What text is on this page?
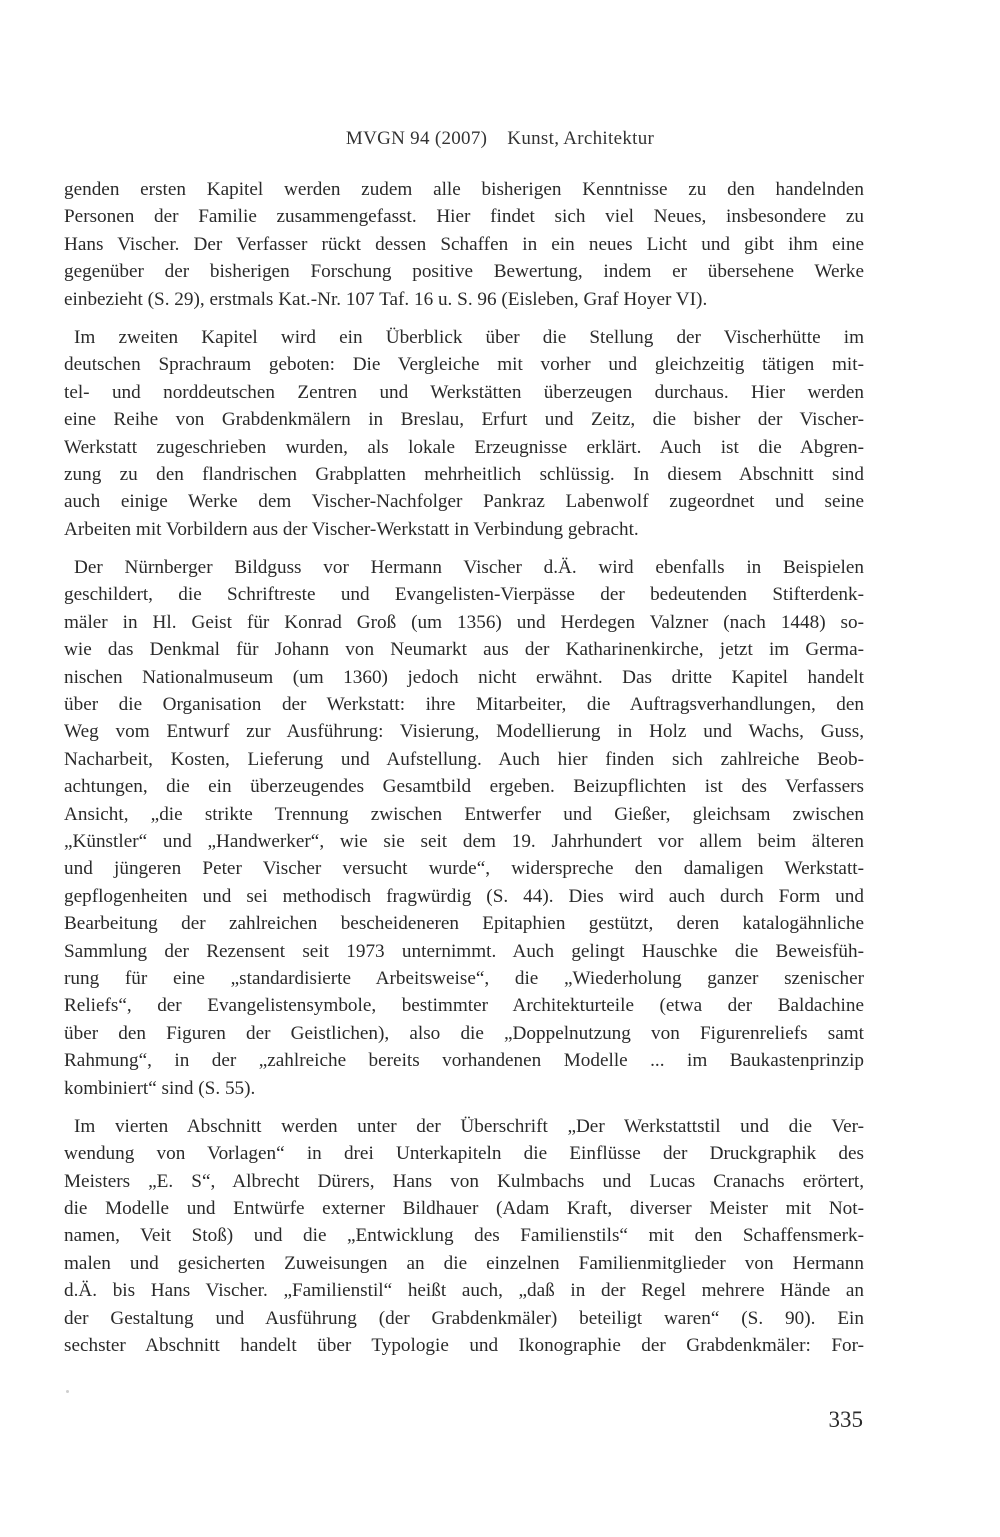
MVGN 94 (2007) Kunst, Architektur
genden ersten Kapitel werden zudem alle bisherigen Kenntnisse zu den handelnden
Personen der Familie zusammengefasst. Hier findet sich viel Neues, insbesondere zu
Hans Vischer. Der Verfasser rückt dessen Schaffen in ein neues Licht und gibt ihm eine
gegenüber der bisherigen Forschung positive Bewertung, indem er übersehene Werke
einbezieht (S. 29), erstmals Kat.-Nr. 107 Taf. 16 u. S. 96 (Eisleben, Graf Hoyer VI).
Im zweiten Kapitel wird ein Überblick über die Stellung der Vischerhütte im
deutschen Sprachraum geboten: Die Vergleiche mit vorher und gleichzeitig tätigen mit-
tel- und norddeutschen Zentren und Werkstätten überzeugen durchaus. Hier werden
eine Reihe von Grabdenkmälern in Breslau, Erfurt und Zeitz, die bisher der Vischer-
Werkstatt zugeschrieben wurden, als lokale Erzeugnisse erklärt. Auch ist die Abgren-
zung zu den flandrischen Grabplatten mehrheitlich schlüssig. In diesem Abschnitt sind
auch einige Werke dem Vischer-Nachfolger Pankraz Labenwolf zugeordnet und seine
Arbeiten mit Vorbildern aus der Vischer-Werkstatt in Verbindung gebracht.
Der Nürnberger Bildguss vor Hermann Vischer d.Ä. wird ebenfalls in Beispielen
geschildert, die Schriftreste und Evangelisten-Vierpässe der bedeutenden Stifterdenk-
mäler in Hl. Geist für Konrad Groß (um 1356) und Herdegen Valzner (nach 1448) so-
wie das Denkmal für Johann von Neumarkt aus der Katharinenkirche, jetzt im Germa-
nischen Nationalmuseum (um 1360) jedoch nicht erwähnt. Das dritte Kapitel handelt
über die Organisation der Werkstatt: ihre Mitarbeiter, die Auftragsverhandlungen, den
Weg vom Entwurf zur Ausführung: Visierung, Modellierung in Holz und Wachs, Guss,
Nacharbeit, Kosten, Lieferung und Aufstellung. Auch hier finden sich zahlreiche Beob-
achtungen, die ein überzeugendes Gesamtbild ergeben. Beizupflichten ist des Verfassers
Ansicht, „die strikte Trennung zwischen Entwerfer und Gießer, gleichsam zwischen
„Künstler“ und „Handwerker“, wie sie seit dem 19. Jahrhundert vor allem beim älteren
und jüngeren Peter Vischer versucht wurde“, widerspreche den damaligen Werkstatt-
gepflogenheiten und sei methodisch fragwürdig (S. 44). Dies wird auch durch Form und
Bearbeitung der zahlreichen bescheideneren Epitaphien gestützt, deren katalogähnliche
Sammlung der Rezensent seit 1973 unternimmt. Auch gelingt Hauschke die Beweisfüh-
rung für eine „standardisierte Arbeitsweise“, die „Wiederholung ganzer szenischer
Reliefs“, der Evangelistensymbole, bestimmter Architekturteile (etwa der Baldachine
über den Figuren der Geistlichen), also die „Doppelnutzung von Figurenreliefs samt
Rahmung“, in der „zahlreiche bereits vorhandenen Modelle ... im Baukastenprinzip
kombiniert“ sind (S. 55).
Im vierten Abschnitt werden unter der Überschrift „Der Werkstattstil und die Ver-
wendung von Vorlagen“ in drei Unterkapiteln die Einflüsse der Druckgraphik des
Meisters „E. S“, Albrecht Dürers, Hans von Kulmbachs und Lucas Cranachs erörtert,
die Modelle und Entwürfe externer Bildhauer (Adam Kraft, diverser Meister mit Not-
namen, Veit Stoß) und die „Entwicklung des Familienstils“ mit den Schaffensmerk-
malen und gesicherten Zuweisungen an die einzelnen Familienmitglieder von Hermann
d.Ä. bis Hans Vischer. „Familienstil“ heißt auch, „daß in der Regel mehrere Hände an
der Gestaltung und Ausführung (der Grabdenkmäler) beteiligt waren“ (S. 90). Ein
sechster Abschnitt handelt über Typologie und Ikonographie der Grabdenkmäler: For-
335
